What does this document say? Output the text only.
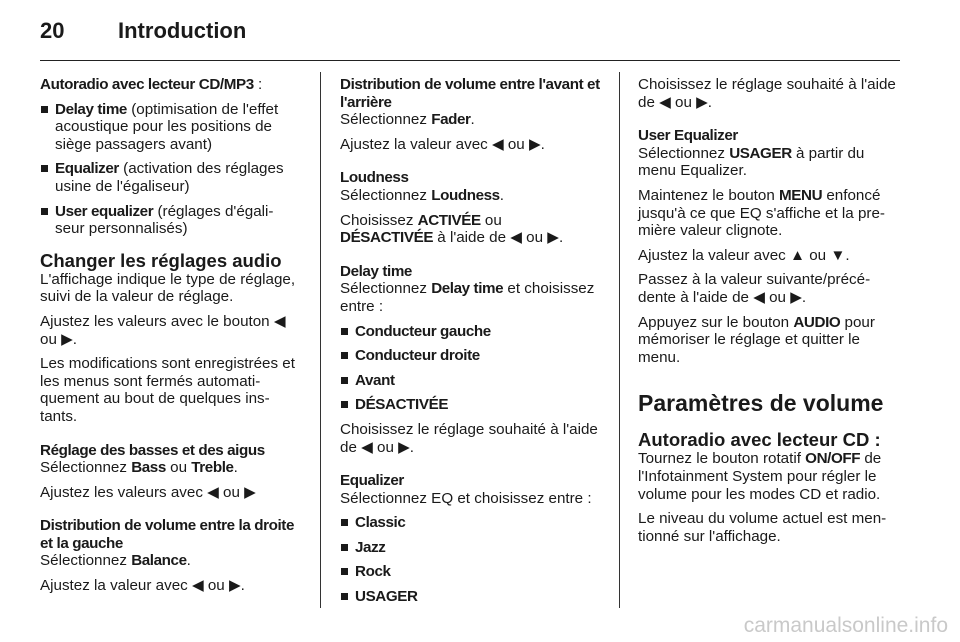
20 Introduction

Autoradio avec lecteur CD/MP3 :

Delay time (optimisation de l'effet acoustique pour les positions de siège passagers avant)
Equalizer (activation des réglages usine de l'égaliseur)
User equalizer (réglages d'égali-seur personnalisés)
Changer les réglages audio

L'affichage indique le type de réglage, suivi de la valeur de réglage.

Ajustez les valeurs avec le bouton ◀ ou ▶.

Les modifications sont enregistrées et les menus sont fermés automati-quement au bout de quelques ins-tants.

Réglage des basses et des aigus

Sélectionnez Bass ou Treble.

Ajustez les valeurs avec ◀ ou ▶

Distribution de volume entre la droite et la gauche

Sélectionnez Balance.

Ajustez la valeur avec ◀ ou ▶.

Distribution de volume entre l'avant et l'arrière

Sélectionnez Fader.

Ajustez la valeur avec ◀ ou ▶.

Loudness

Sélectionnez Loudness.

Choisissez ACTIVÉE ou
DÉSACTIVÉE à l'aide de ◀ ou ▶.

Delay time

Sélectionnez Delay time et choisissez entre :

Conducteur gauche
Conducteur droite
Avant
DÉSACTIVÉE

Choisissez le réglage souhaité à l'aide de ◀ ou ▶.

Equalizer

Sélectionnez EQ et choisissez entre :

Classic
Jazz
Rock
USAGER

Choisissez le réglage souhaité à l'aide de ◀ ou ▶.

User Equalizer

Sélectionnez USAGER à partir du menu Equalizer.

Maintenez le bouton MENU enfoncé jusqu'à ce que EQ s'affiche et la pre-mière valeur clignote.

Ajustez la valeur avec ▲ ou ▼.

Passez à la valeur suivante/précé-dente à l'aide de ◀ ou ▶.

Appuyez sur le bouton AUDIO pour mémoriser le réglage et quitter le menu.

Paramètres de volume
Autoradio avec lecteur CD :

Tournez le bouton rotatif ON/OFF de l'Infotainment System pour régler le volume pour les modes CD et radio.

Le niveau du volume actuel est men-tionné sur l'affichage.

carmanualsonline.info
